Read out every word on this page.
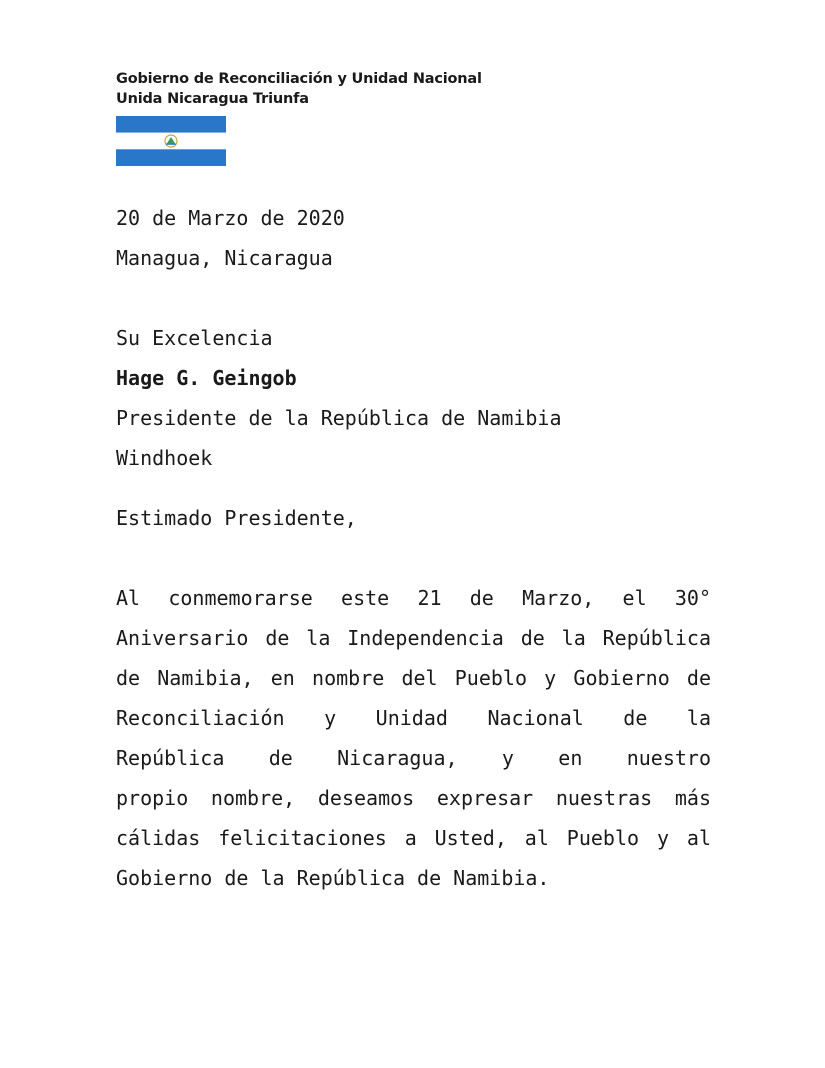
Gobierno de Reconciliación y Unidad Nacional
Unida Nicaragua Triunfa

20 de Marzo de 2020

Managua, Nicaragua

Su Excelencia

Hage G. Geingob

Presidente de la República de Namibia

Windhoek

Estimado Presidente,

Al conmemorarse este 21 de Marzo, el 30°
Aniversario de la Independencia de la República
de Namibia, en nombre del Pueblo y Gobierno de
Reconciliación y Unidad Nacional de la
República de Nicaragua, y en nuestro
propio nombre, deseamos expresar nuestras más
cálidas felicitaciones a Usted, al Pueblo y al
Gobierno de la República de Namibia.
